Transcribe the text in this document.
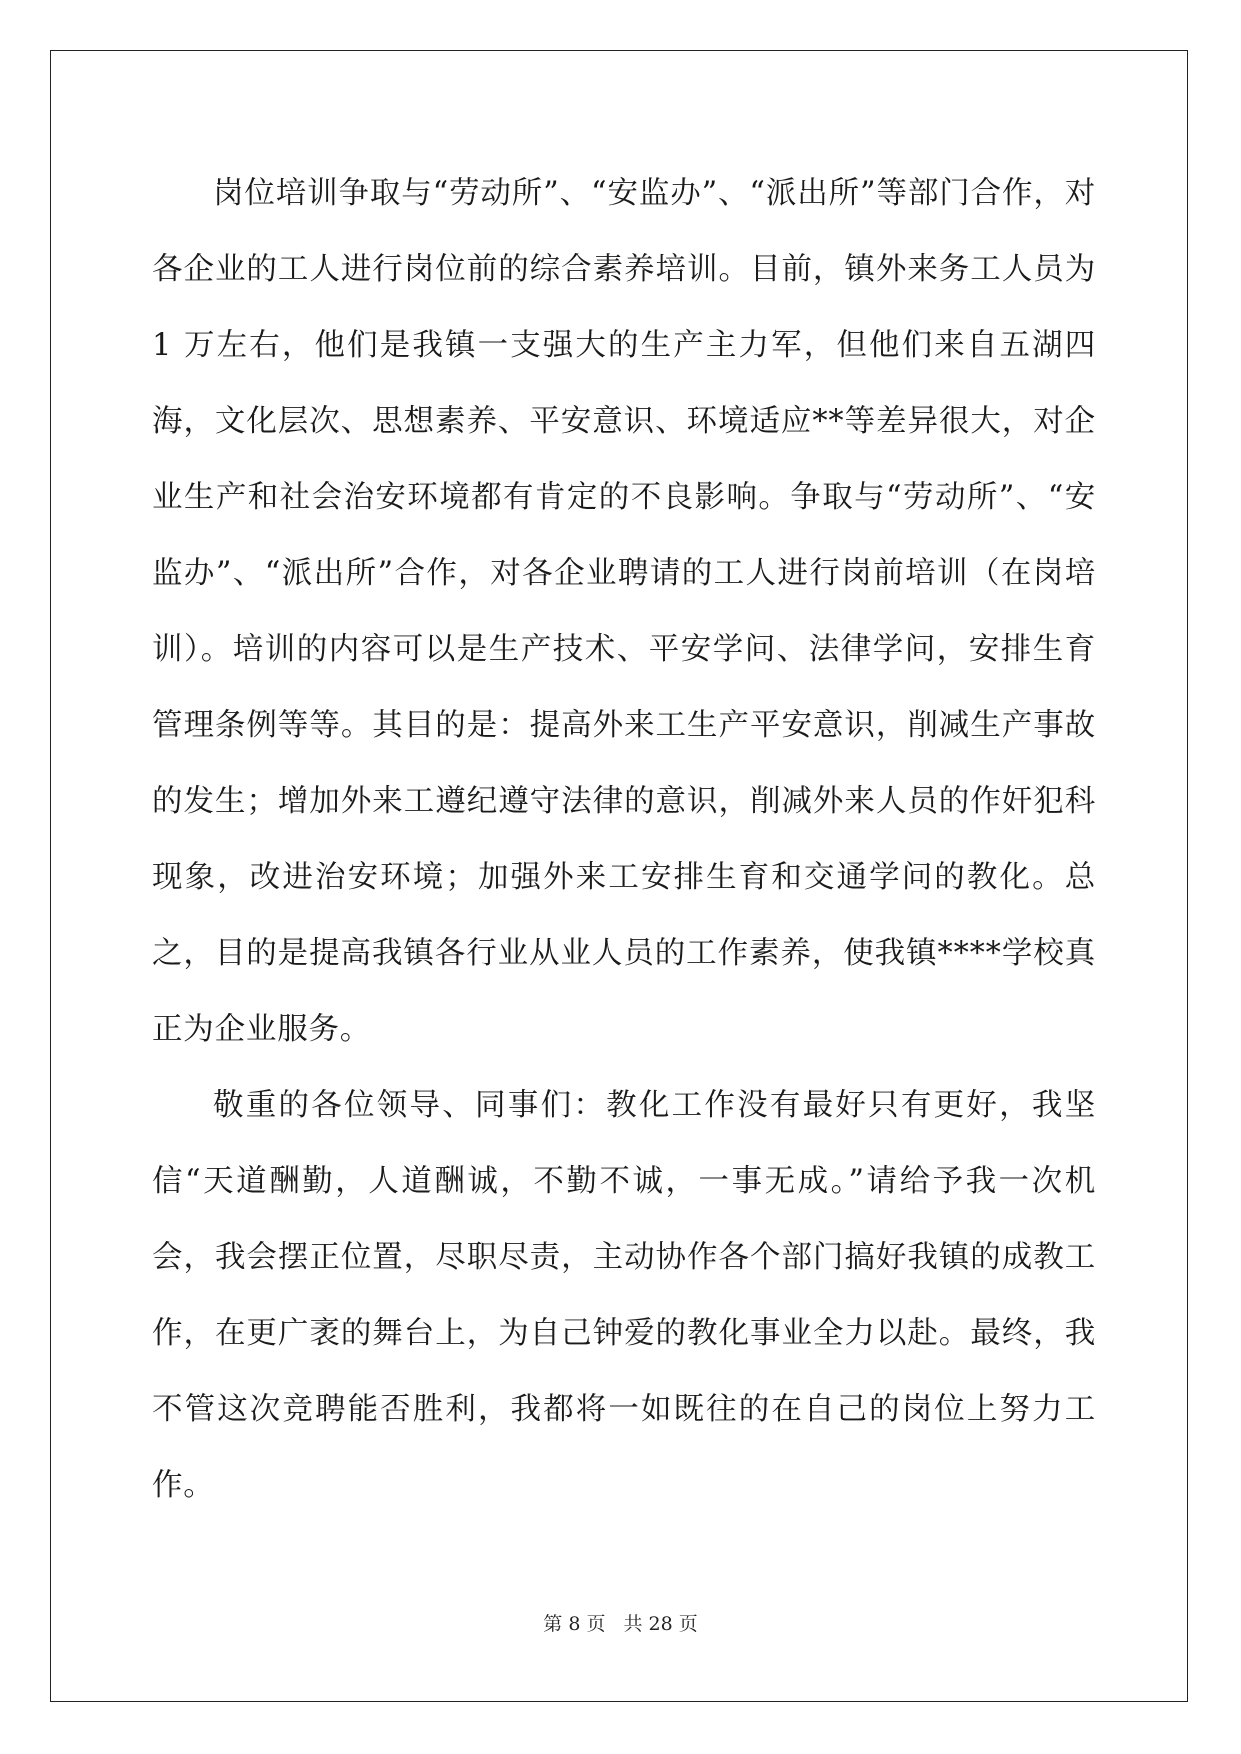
岗位培训争取与“劳动所”、“安监办”、“派出所”等部门合作，对各企业的工人进行岗位前的综合素养培训。目前，镇外来务工人员为 1 万左右，他们是我镇一支强大的生产主力军，但他们来自五湖四海，文化层次、思想素养、平安意识、环境适应**等差异很大，对企业生产和社会治安环境都有肯定的不良影响。争取与“劳动所”、“安监办”、“派出所”合作，对各企业聘请的工人进行岗前培训（在岗培训）。培训的内容可以是生产技术、平安学问、法律学问，安排生育管理条例等等。其目的是：提高外来工生产平安意识，削减生产事故的发生；增加外来工遵纪遵守法律的意识，削减外来人员的作奸犯科现象，改进治安环境；加强外来工安排生育和交通学问的教化。总之，目的是提高我镇各行业从业人员的工作素养，使我镇****学校真正为企业服务。

敬重的各位领导、同事们：教化工作没有最好只有更好，我坚信“天道酬勤，人道酬诚，不勤不诚，一事无成。”请给予我一次机会，我会摆正位置，尽职尽责，主动协作各个部门搞好我镇的成教工作，在更广袤的舞台上，为自己钟爱的教化事业全力以赴。最终，我不管这次竞聘能否胜利，我都将一如既往的在自己的岗位上努力工作。

第 8 页 共 28 页
